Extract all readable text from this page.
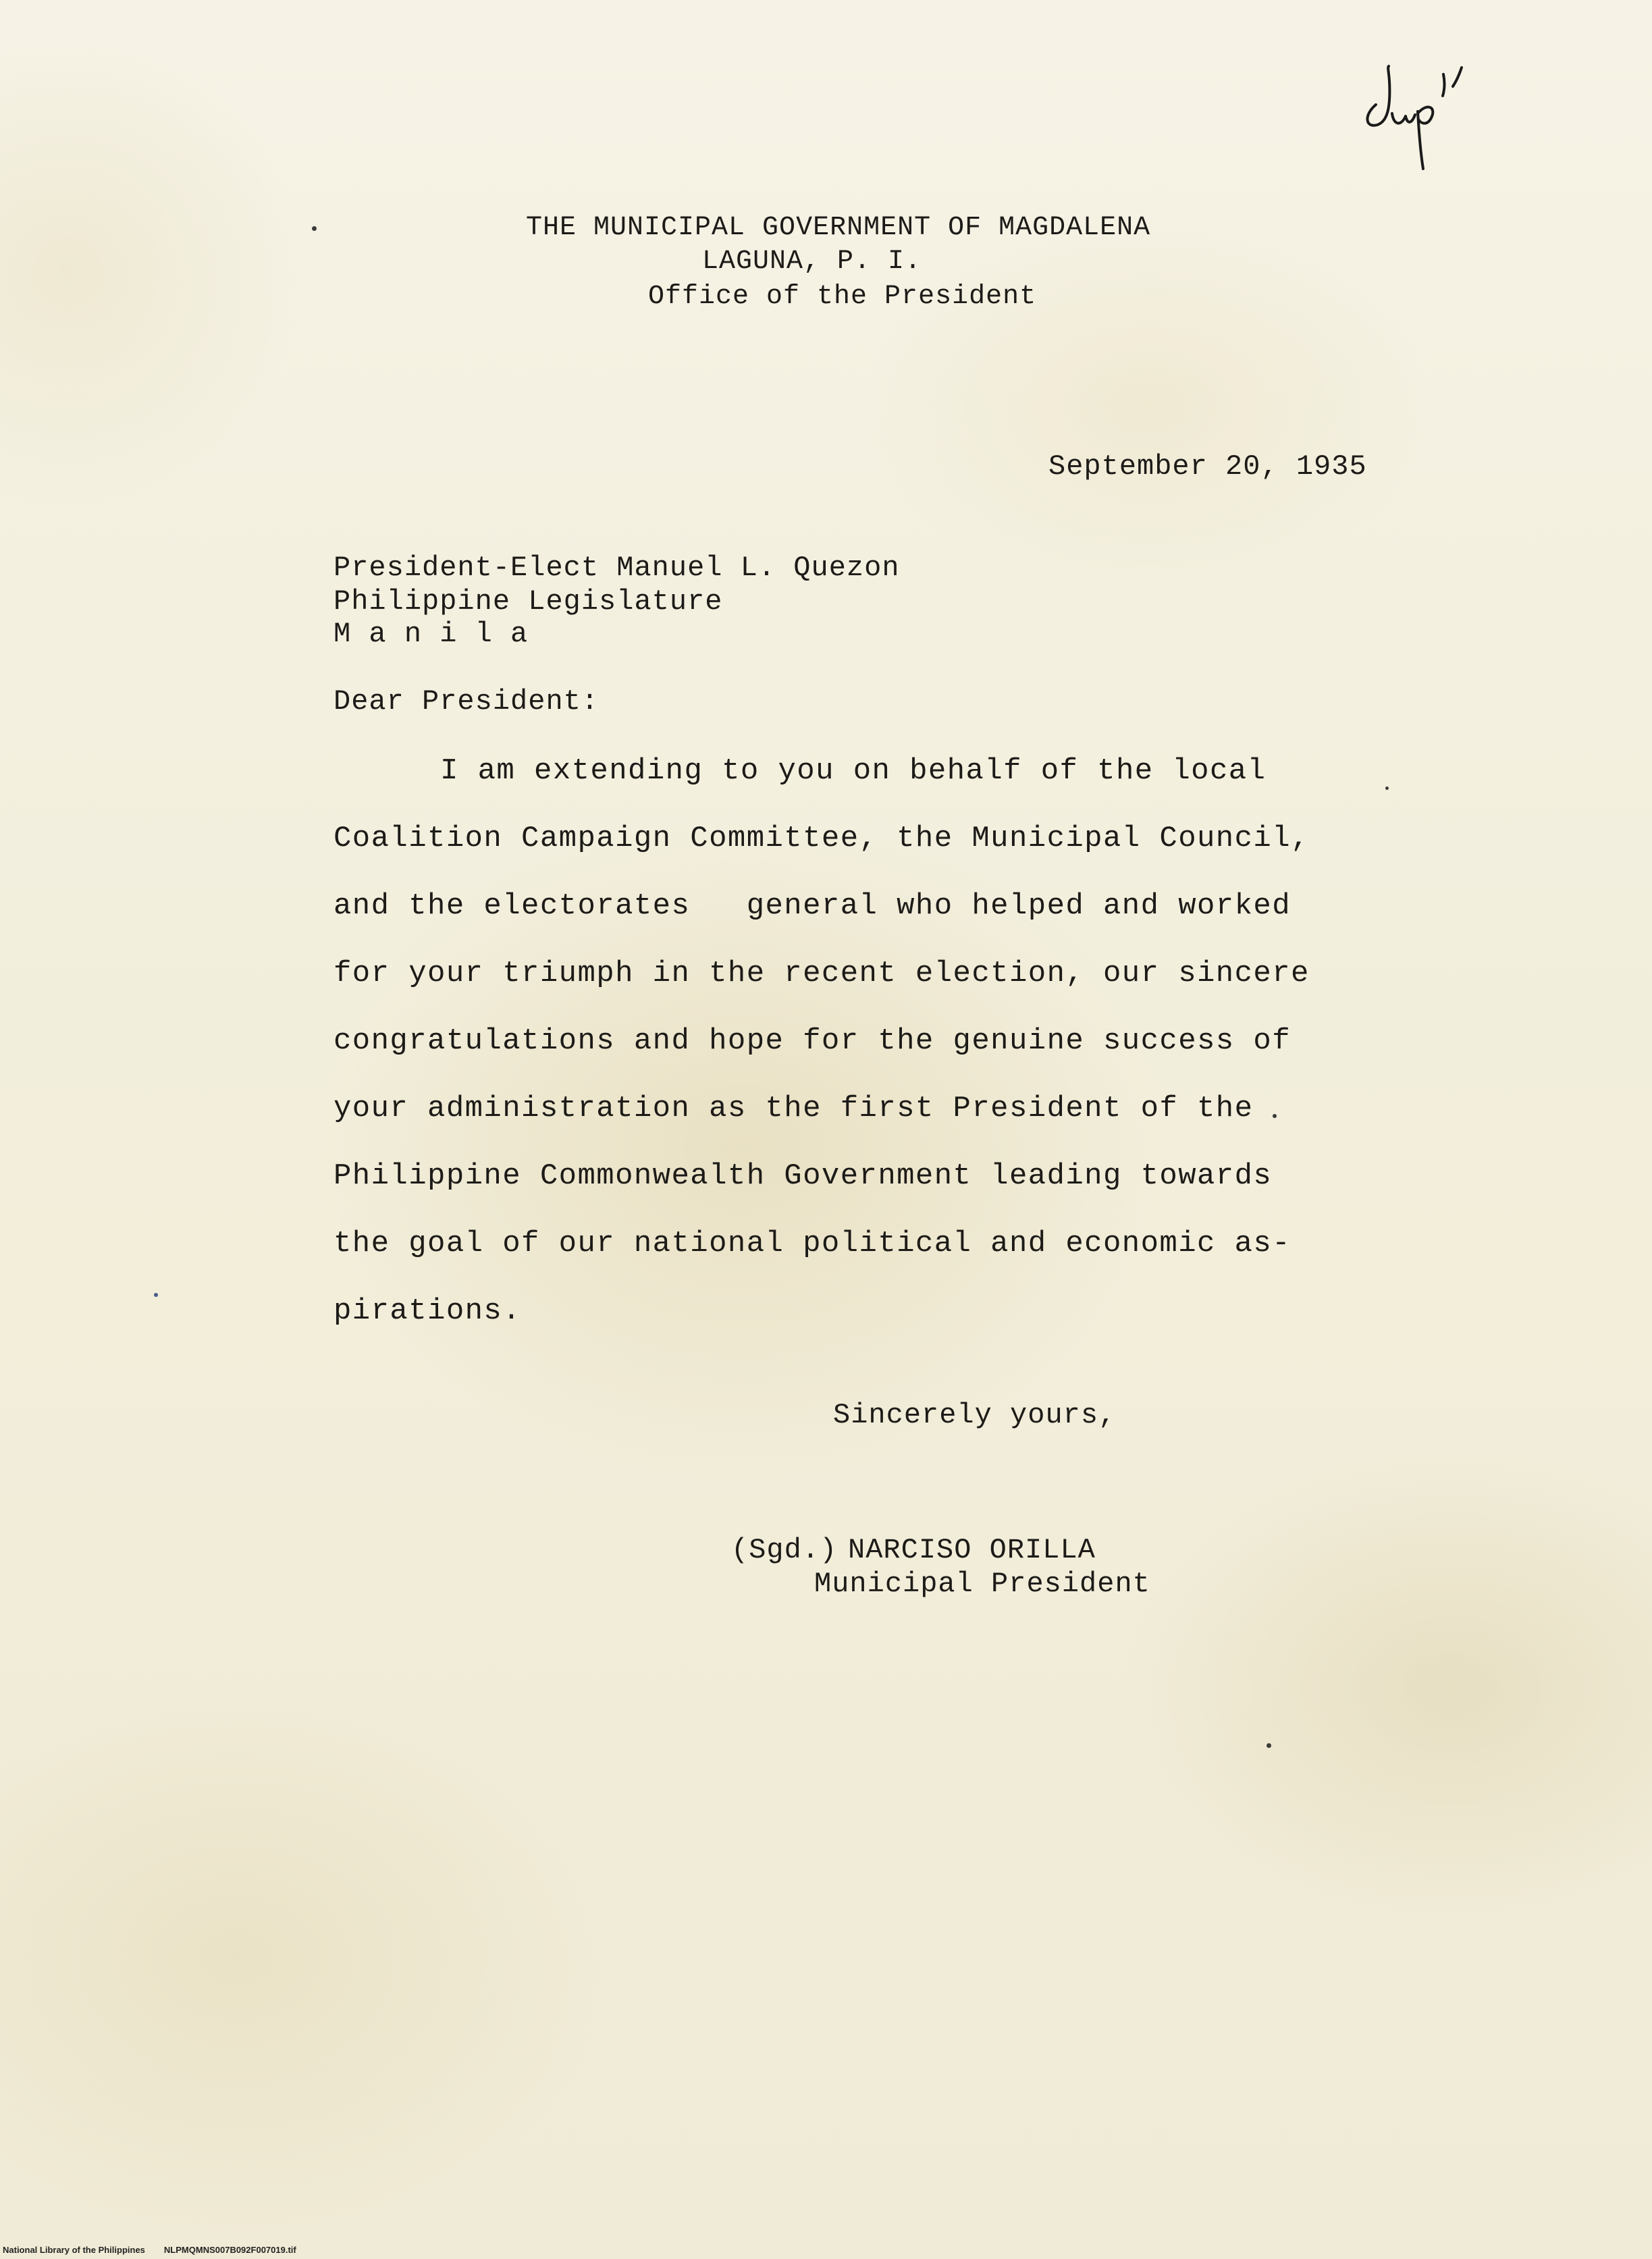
THE MUNICIPAL GOVERNMENT OF MAGDALENA
LAGUNA, P. I.
Office of the President
September 20, 1935
President-Elect Manuel L. Quezon
Philippine Legislature
M a n i l a
Dear President:
I am extending to you on behalf of the local
Coalition Campaign Committee, the Municipal Council,
and the electorates   general who helped and worked
for your triumph in the recent election, our sincere
congratulations and hope for the genuine success of
your administration as the first President of the
Philippine Commonwealth Government leading towards
the goal of our national political and economic as-
pirations.
Sincerely yours,
(Sgd.) NARCISO ORILLA
Municipal President
National Library of the Philippines NLPMQMNS007B092F007019.tif
